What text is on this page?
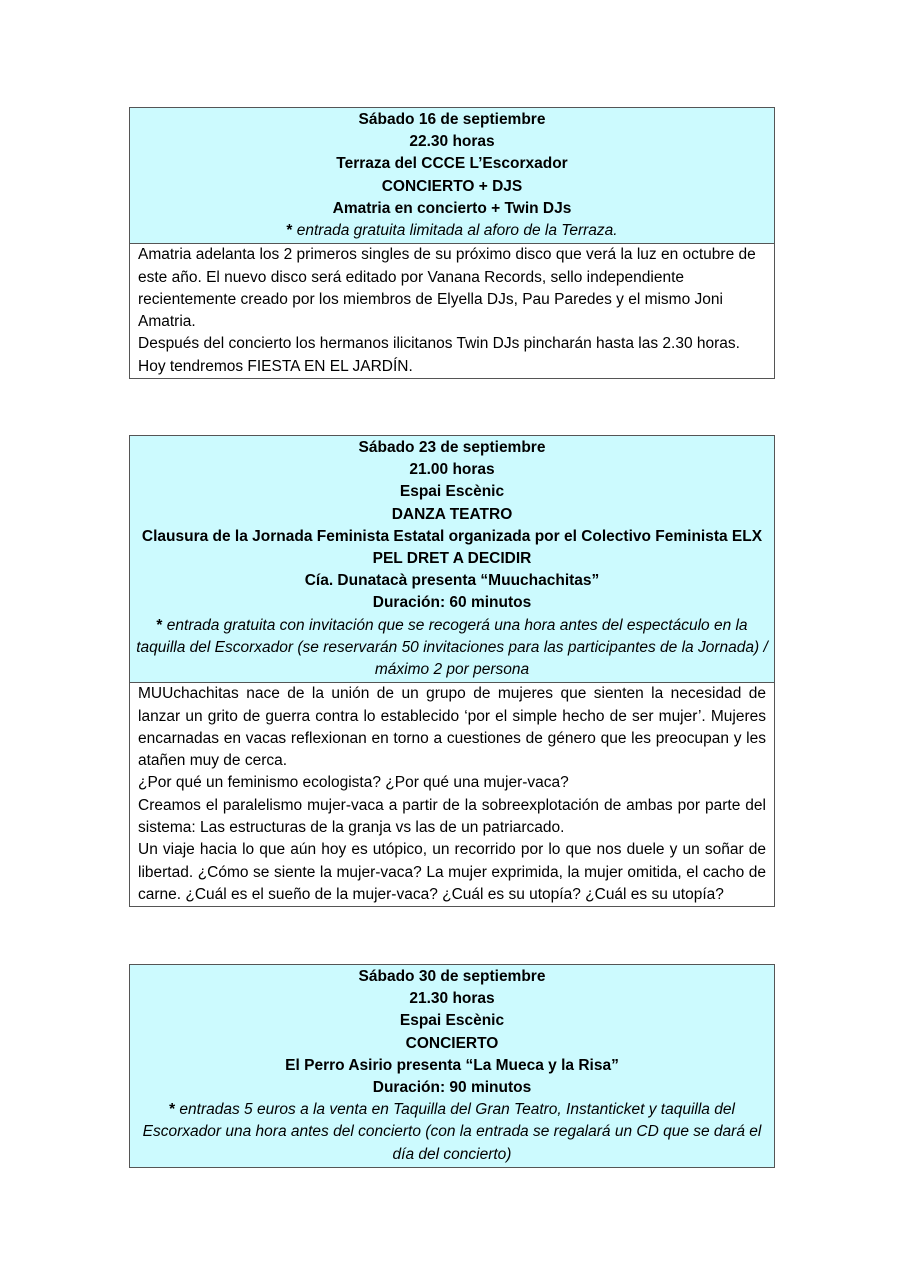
Sábado 16 de septiembre
22.30 horas
Terraza del CCCE L’Escorxador
CONCIERTO + DJS
Amatria en concierto + Twin DJs
* entrada gratuita limitada al aforo de la Terraza.

Amatria adelanta los 2 primeros singles de su próximo disco que verá la luz en octubre de este año. El nuevo disco será editado por Vanana Records, sello independiente recientemente creado por los miembros de Elyella DJs, Pau Paredes y el mismo Joni Amatria.

Después del concierto los hermanos ilicitanos Twin DJs pincharán hasta las 2.30 horas.

Hoy tendremos FIESTA EN EL JARDÍN.

Sábado 23 de septiembre
21.00 horas
Espai Escènic
DANZA TEATRO
Clausura de la Jornada Feminista Estatal organizada por el Colectivo Feminista ELX
PEL DRET A DECIDIR
Cía. Dunatacà presenta “Muuchachitas”
Duración: 60 minutos
* entrada gratuita con invitación que se recogerá una hora antes del espectáculo en la taquilla del Escorxador (se reservarán 50 invitaciones para las participantes de la Jornada) / máximo 2 por persona

MUUchachitas nace de la unión de un grupo de mujeres que sienten la necesidad de lanzar un grito de guerra contra lo establecido ‘por el simple hecho de ser mujer’. Mujeres encarnadas en vacas reflexionan en torno a cuestiones de género que les preocupan y les atañen muy de cerca.

¿Por qué un feminismo ecologista? ¿Por qué una mujer-vaca?

Creamos el paralelismo mujer-vaca a partir de la sobreexplotación de ambas por parte del sistema: Las estructuras de la granja vs las de un patriarcado.

Un viaje hacia lo que aún hoy es utópico, un recorrido por lo que nos duele y un soñar de libertad. ¿Cómo se siente la mujer-vaca? La mujer exprimida, la mujer omitida, el cacho de carne. ¿Cuál es el sueño de la mujer-vaca? ¿Cuál es su utopía? ¿Cuál es su utopía?

Sábado 30 de septiembre
21.30 horas
Espai Escènic
CONCIERTO
El Perro Asirio presenta “La Mueca y la Risa”
Duración: 90 minutos
* entradas 5 euros a la venta en Taquilla del Gran Teatro, Instanticket y taquilla del Escorxador una hora antes del concierto (con la entrada se regalará un CD que se dará el día del concierto)
